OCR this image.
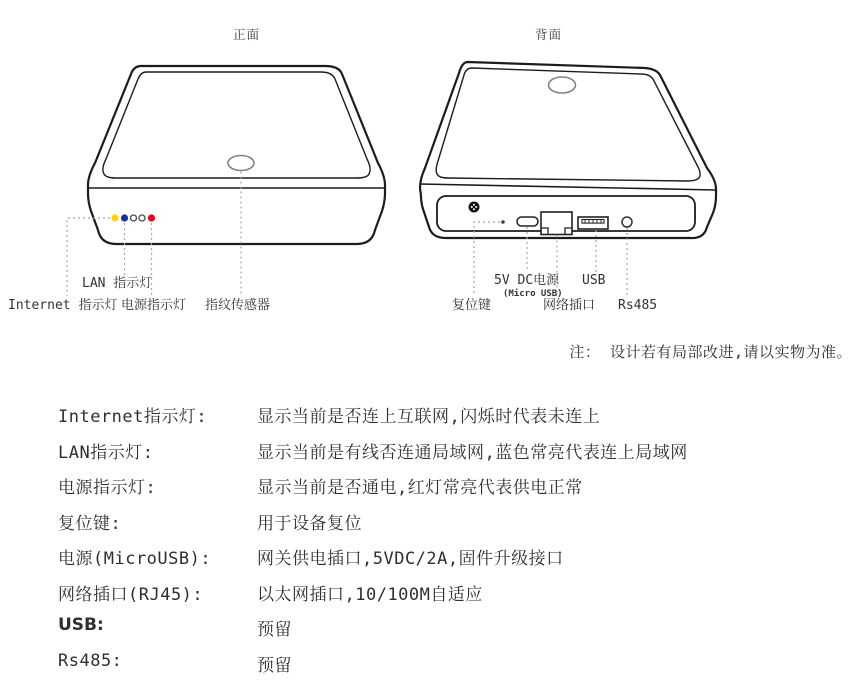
正面	背面
LAN 指示灯
Internet 指示灯 电源指示灯 指纹传感器
5V DC电源
(Micro USB)
USB
复位键	网络插口 Rs485
注： 设计若有局部改进,请以实物为准。
Internet指示灯:	显示当前是否连上互联网,闪烁时代表未连上
LAN指示灯:	显示当前是有线否连通局域网,蓝色常亮代表连上局域网
电源指示灯:	显示当前是否通电,红灯常亮代表供电正常
复位键:	用于设备复位
电源(MicroUSB):	网关供电插口,5VDC/2A,固件升级接口
网络插口(RJ45):	以太网插口,10/100M自适应
USB:	预留
Rs485:	预留
